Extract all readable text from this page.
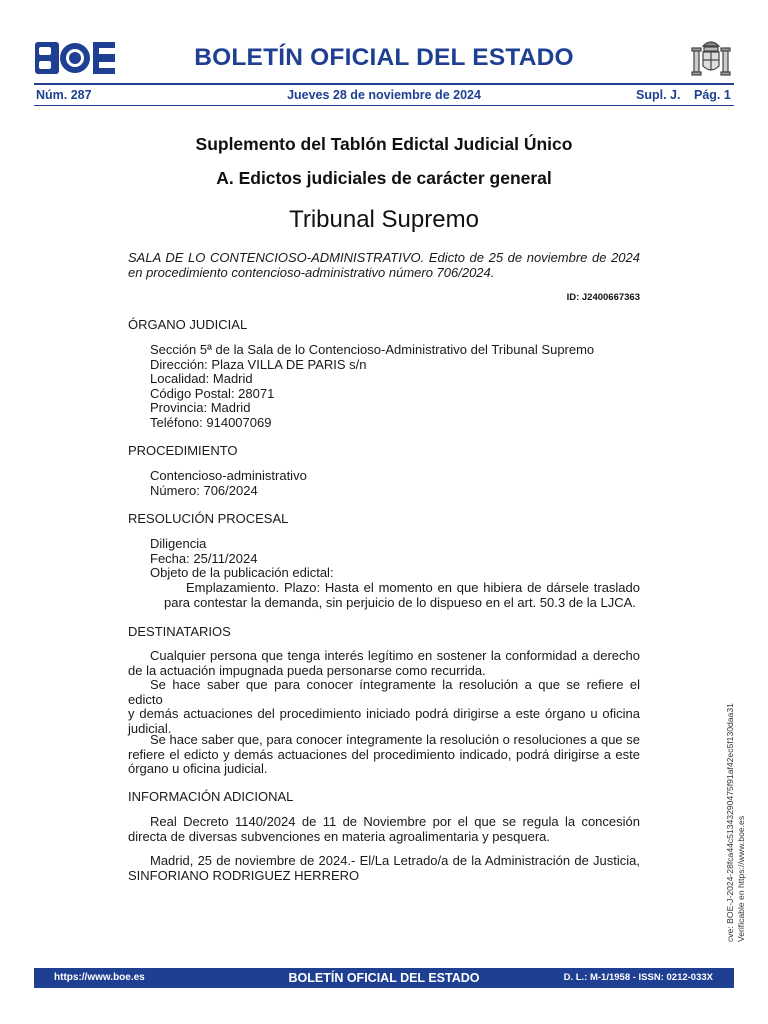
BOLETÍN OFICIAL DEL ESTADO
Núm. 287	Jueves 28 de noviembre de 2024	Supl. J. Pág. 1
Suplemento del Tablón Edictal Judicial Único
A. Edictos judiciales de carácter general
Tribunal Supremo
SALA DE LO CONTENCIOSO-ADMINISTRATIVO. Edicto de 25 de noviembre de 2024
en procedimiento contencioso-administrativo número 706/2024.
ID: J2400667363
ÓRGANO JUDICIAL
Sección 5ª de la Sala de lo Contencioso-Administrativo del Tribunal Supremo
Dirección: Plaza VILLA DE PARIS s/n
Localidad: Madrid
Código Postal: 28071
Provincia: Madrid
Teléfono: 914007069
PROCEDIMIENTO
Contencioso-administrativo
Número: 706/2024
RESOLUCIÓN PROCESAL
Diligencia
Fecha: 25/11/2024
Objeto de la publicación edictal:
Emplazamiento. Plazo: Hasta el momento en que hibiera de dársele traslado
para contestar la demanda, sin perjuicio de lo dispueso en el art. 50.3 de la LJCA.
DESTINATARIOS
Cualquier persona que tenga interés legítimo en sostener la conformidad a derecho
de la actuación impugnada pueda personarse como recurrida.
Se hace saber que para conocer íntegramente la resolución a que se refiere el edicto
y demás actuaciones del procedimiento iniciado podrá dirigirse a este órgano u oficina
judicial.
Se hace saber que, para conocer íntegramente la resolución o resoluciones a que se
refiere el edicto y demás actuaciones del procedimiento indicado, podrá dirigirse a este
órgano u oficina judicial.
INFORMACIÓN ADICIONAL
Real Decreto 1140/2024 de 11 de Noviembre por el que se regula la concesión
directa de diversas subvenciones en materia agroalimentaria y pesquera.
Madrid, 25 de noviembre de 2024.- El/La Letrado/a de la Administración de Justicia,
SINFORIANO RODRIGUEZ HERRERO	cve: BOE-J-2024-28fca44c51343290475f91af42ec5f130daa31 Verificable en https://www.boe.es
https://www.boe.es	BOLETÍN OFICIAL DEL ESTADO	D. L.: M-1/1958 - ISSN: 0212-033X
